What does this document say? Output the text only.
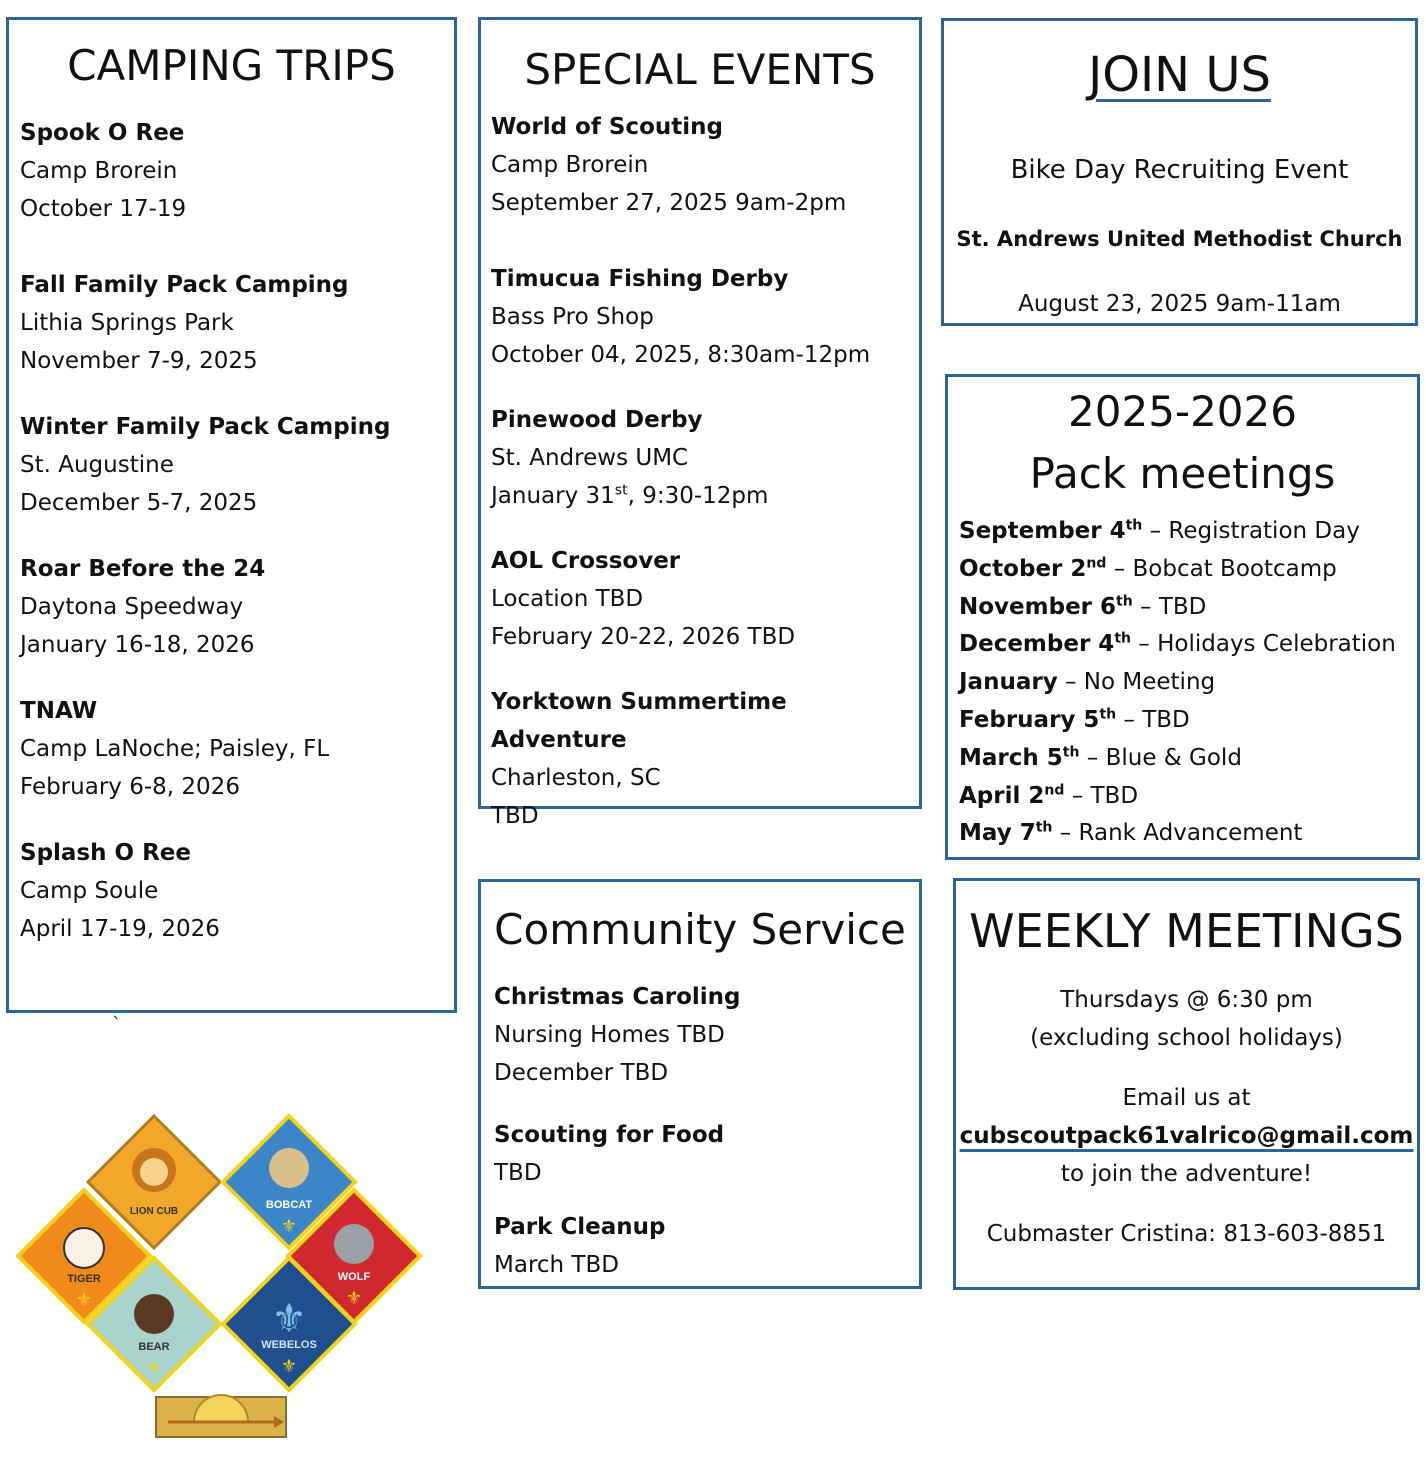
CAMPING TRIPS
Spook O Ree
Camp Brorein
October 17-19
Fall Family Pack Camping
Lithia Springs Park
November 7-9, 2025
Winter Family Pack Camping
St. Augustine
December 5-7, 2025
Roar Before the 24
Daytona Speedway
January 16-18, 2026
TNAW
Camp LaNoche; Paisley, FL
February 6-8, 2026
Splash O Ree
Camp Soule
April 17-19, 2026
SPECIAL EVENTS
World of Scouting
Camp Brorein
September 27, 2025 9am-2pm
Timucua Fishing Derby
Bass Pro Shop
October 04, 2025, 8:30am-12pm
Pinewood Derby
St. Andrews UMC
January 31st, 9:30-12pm
AOL Crossover
Location TBD
February 20-22, 2026 TBD
Yorktown Summertime Adventure
Charleston, SC
TBD
JOIN US
Bike Day Recruiting Event
St. Andrews United Methodist Church
August 23, 2025 9am-11am
2025-2026
Pack meetings
September 4th – Registration Day
October 2nd – Bobcat Bootcamp
November 6th – TBD
December 4th – Holidays Celebration
January – No Meeting
February 5th – TBD
March 5th – Blue & Gold
April 2nd – TBD
May 7th – Rank Advancement
Community Service
Christmas Caroling
Nursing Homes TBD
December TBD
Scouting for Food
TBD
Park Cleanup
March TBD
WEEKLY MEETINGS

Thursdays @ 6:30 pm

(excluding school holidays)

Email us at

cubscoutpack61valrico@gmail.com

to join the adventure!

Cubmaster Cristina: 813-603-8851

`
LION CUB
BOBCAT
⚜
TIGER
⚜
WOLF
⚜
BEAR
⚜
⚜
WEBELOS
⚜
